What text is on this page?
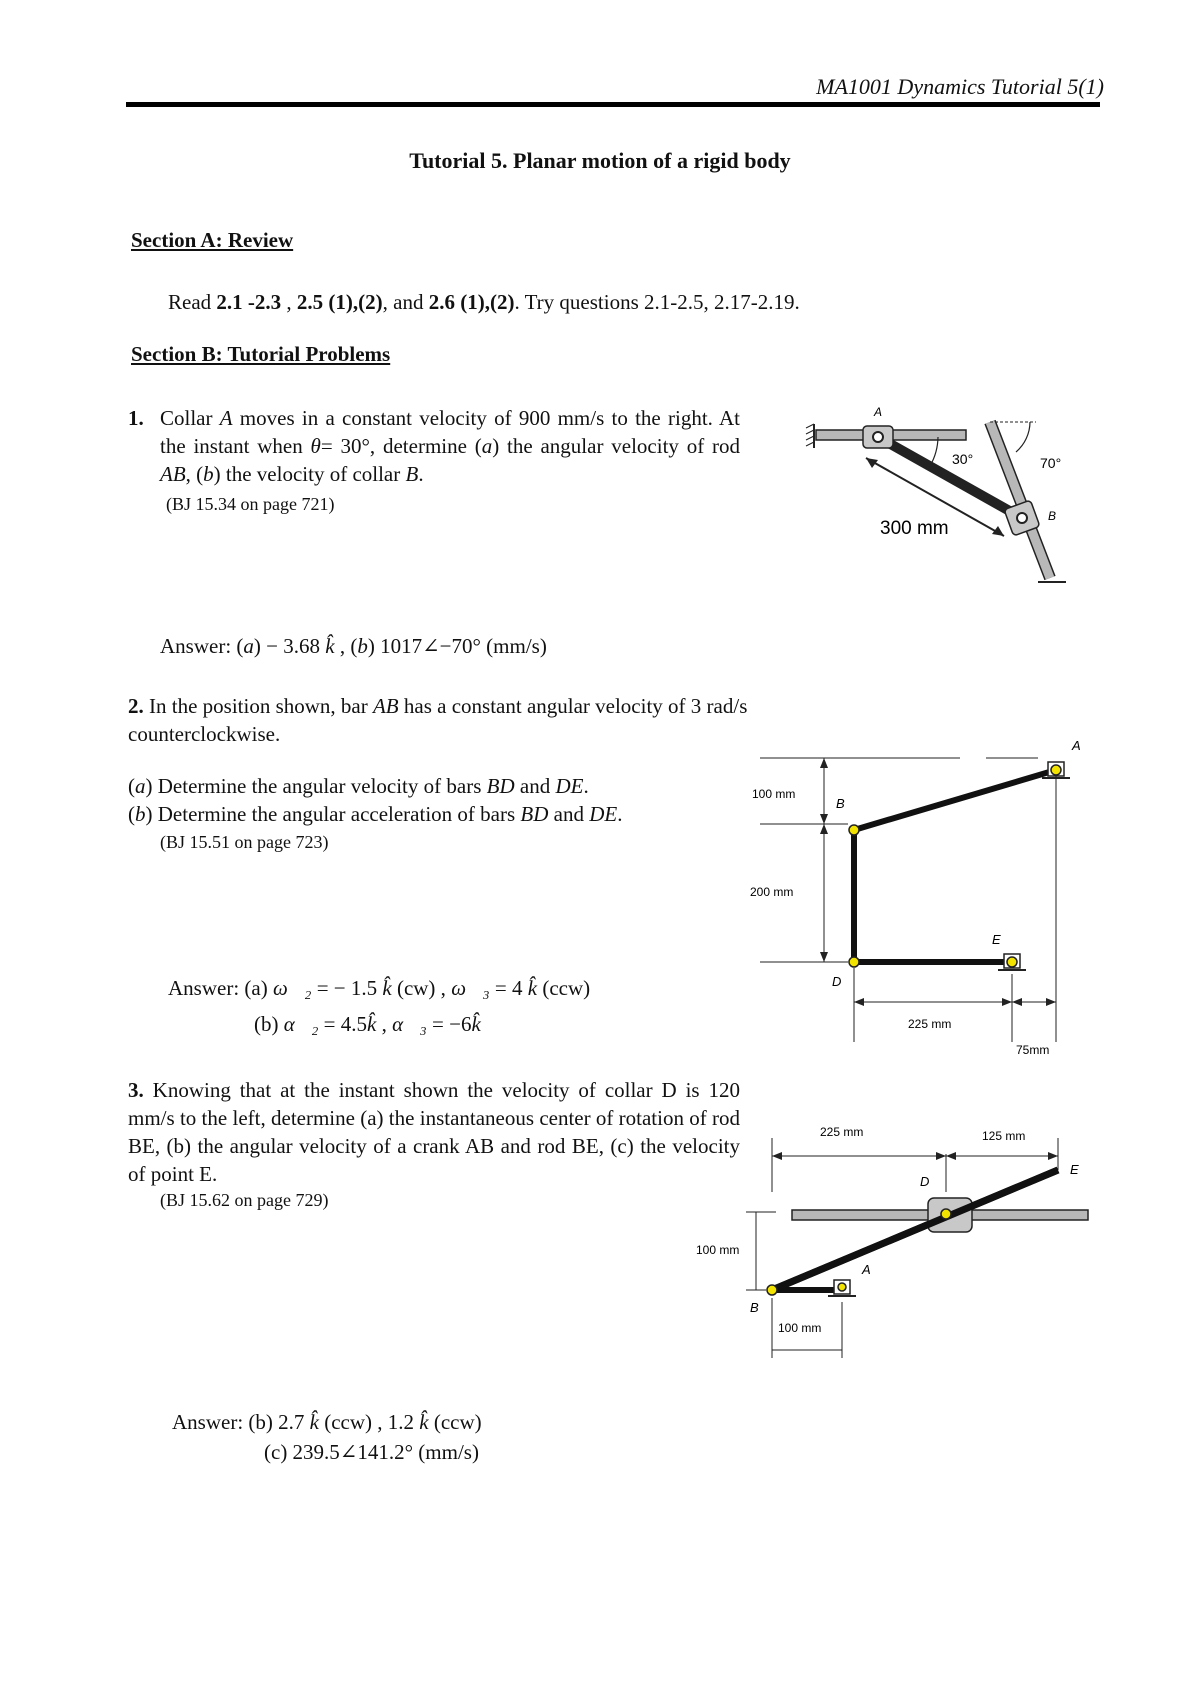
MA1001 Dynamics Tutorial 5(1)
Tutorial 5. Planar motion of a rigid body
Section A: Review
Read 2.1 -2.3 , 2.5 (1),(2), and 2.6 (1),(2). Try questions 2.1-2.5, 2.17-2.19.
Section B: Tutorial Problems
1. Collar A moves in a constant velocity of 900 mm/s to the right. At the instant when θ= 30°, determine (a) the angular velocity of rod AB, (b) the velocity of collar B.
(BJ 15.34 on page 721)
Answer: (a) − 3.68 k̂ , (b) 1017∠−70° (mm/s)
A
B
30°	70°
300 mm
2. In the position shown, bar AB has a constant angular velocity of 3 rad/s counterclockwise.
(a) Determine the angular velocity of bars BD and DE.
(b) Determine the angular acceleration of bars BD and DE.
(BJ 15.51 on page 723)
Answer: (a) ω⃗₂ = − 1.5 k̂ (cw) , ω⃗₃ = 4 k̂ (ccw)
(b) α⃗₂ = 4.5k̂ , α⃗₃ = −6k̂
A
B
D
E
100 mm
200 mm
225 mm
75mm
3. Knowing that at the instant shown the velocity of collar D is 120 mm/s to the left, determine (a) the instantaneous center of rotation of rod BE, (b) the angular velocity of a crank AB and rod BE, (c) the velocity of point E.
(BJ 15.62 on page 729)
Answer: (b) 2.7 k̂ (ccw) , 1.2 k̂ (ccw)
(c) 239.5∠141.2° (mm/s)
225 mm	125 mm
100 mm
100 mm
D
E
A
B
